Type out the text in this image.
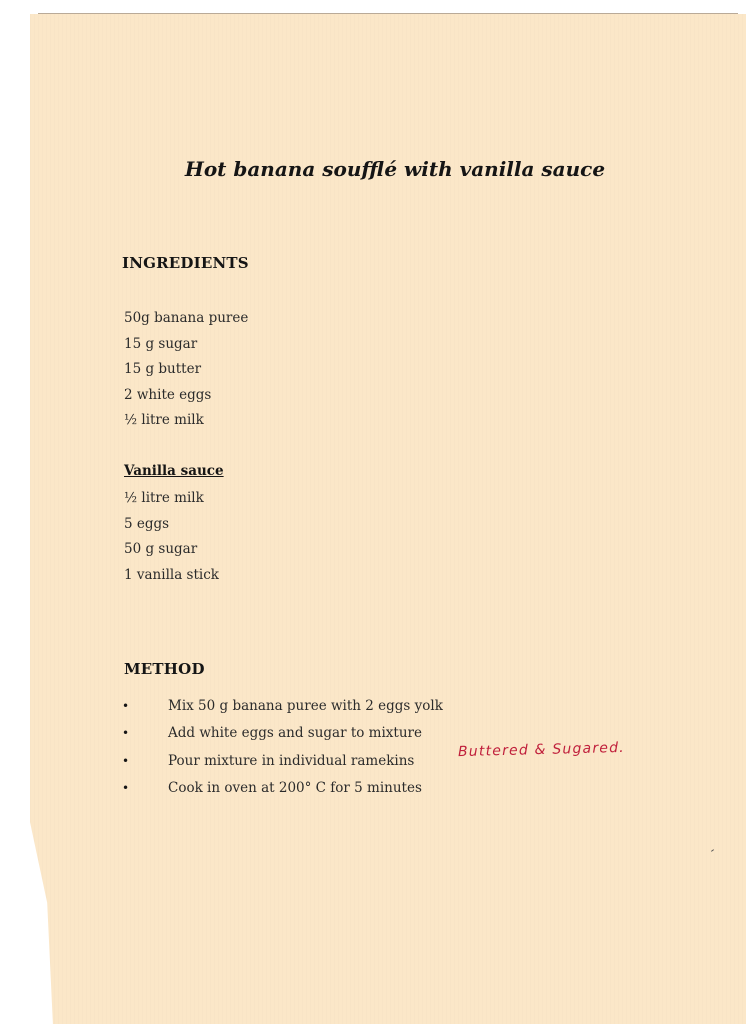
Hot banana soufflé with vanilla sauce
INGREDIENTS
50g banana puree
15 g sugar
15 g butter
2 white eggs
½ litre milk
Vanilla sauce
½ litre milk
5 eggs
50 g sugar
1 vanilla stick
METHOD
•	Mix 50 g banana puree with 2 eggs yolk
•	Add white eggs and sugar to mixture
•	Pour mixture in individual ramekins
•	Cook in oven at 200° C for 5 minutes
Buttered & Sugared.
